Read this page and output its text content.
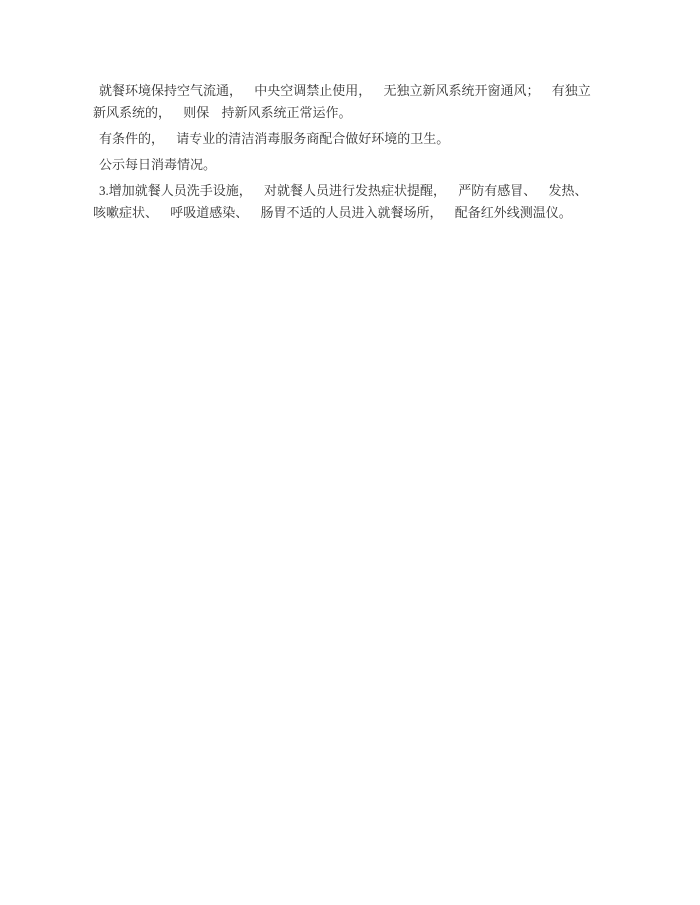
就餐环境保持空气流通， 中央空调禁止使用， 无独立新风系统开窗通风； 有独立
新风系统的， 则保 持新风系统正常运作。

有条件的， 请专业的清洁消毒服务商配合做好环境的卫生。

公示每日消毒情况。

3.增加就餐人员洗手设施， 对就餐人员进行发热症状提醒， 严防有感冒、 发热、
咳嗽症状、 呼吸道感染、 肠胃不适的人员进入就餐场所， 配备红外线测温仪。
